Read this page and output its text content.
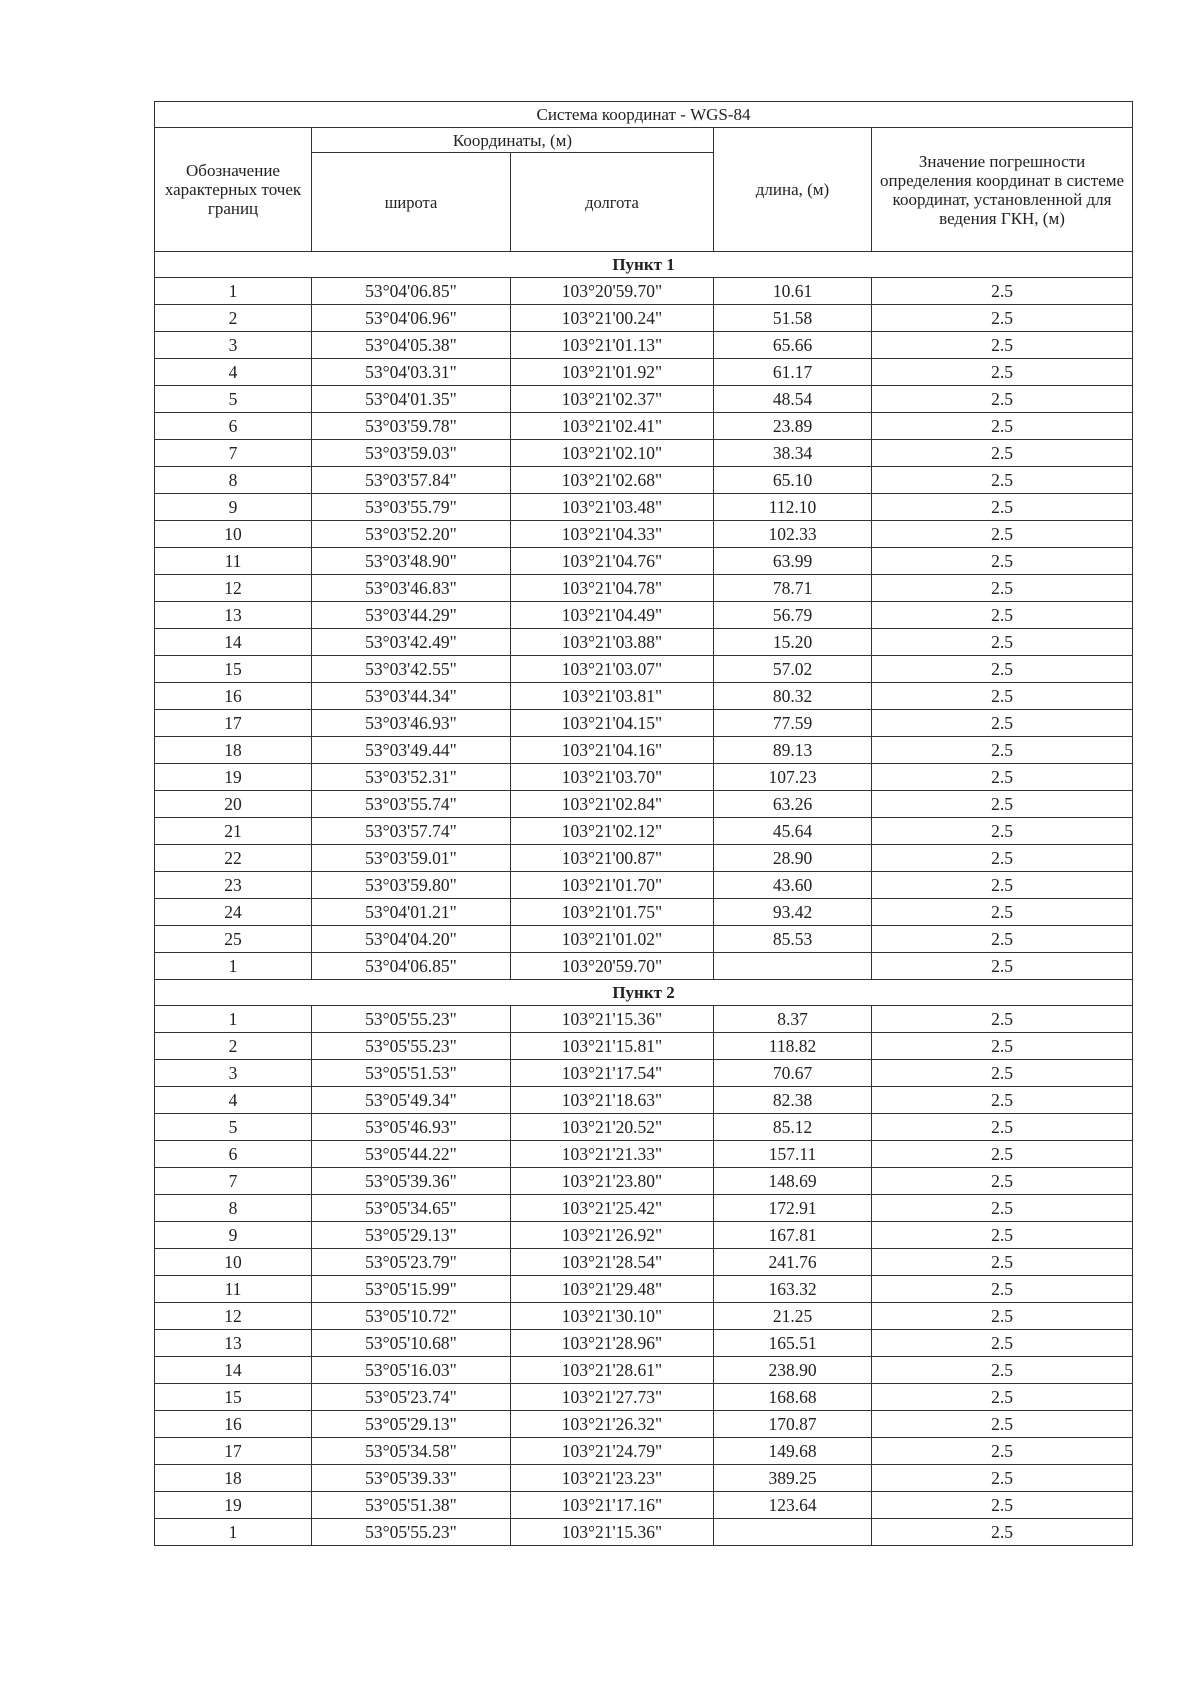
Система координат - WGS-84				
Обозначение характерных точек границ	Координаты, (м)		длина, (м)	Значение погрешности определения координат в системе координат, установленной для ведения ГКН, (м)
	широта	долгота		
Пункт 1				
1	53°04'06.85"	103°20'59.70"	10.61	2.5
2	53°04'06.96"	103°21'00.24"	51.58	2.5
3	53°04'05.38"	103°21'01.13"	65.66	2.5
4	53°04'03.31"	103°21'01.92"	61.17	2.5
5	53°04'01.35"	103°21'02.37"	48.54	2.5
6	53°03'59.78"	103°21'02.41"	23.89	2.5
7	53°03'59.03"	103°21'02.10"	38.34	2.5
8	53°03'57.84"	103°21'02.68"	65.10	2.5
9	53°03'55.79"	103°21'03.48"	112.10	2.5
10	53°03'52.20"	103°21'04.33"	102.33	2.5
11	53°03'48.90"	103°21'04.76"	63.99	2.5
12	53°03'46.83"	103°21'04.78"	78.71	2.5
13	53°03'44.29"	103°21'04.49"	56.79	2.5
14	53°03'42.49"	103°21'03.88"	15.20	2.5
15	53°03'42.55"	103°21'03.07"	57.02	2.5
16	53°03'44.34"	103°21'03.81"	80.32	2.5
17	53°03'46.93"	103°21'04.15"	77.59	2.5
18	53°03'49.44"	103°21'04.16"	89.13	2.5
19	53°03'52.31"	103°21'03.70"	107.23	2.5
20	53°03'55.74"	103°21'02.84"	63.26	2.5
21	53°03'57.74"	103°21'02.12"	45.64	2.5
22	53°03'59.01"	103°21'00.87"	28.90	2.5
23	53°03'59.80"	103°21'01.70"	43.60	2.5
24	53°04'01.21"	103°21'01.75"	93.42	2.5
25	53°04'04.20"	103°21'01.02"	85.53	2.5
1	53°04'06.85"	103°20'59.70"		2.5
Пункт 2				
1	53°05'55.23"	103°21'15.36"	8.37	2.5
2	53°05'55.23"	103°21'15.81"	118.82	2.5
3	53°05'51.53"	103°21'17.54"	70.67	2.5
4	53°05'49.34"	103°21'18.63"	82.38	2.5
5	53°05'46.93"	103°21'20.52"	85.12	2.5
6	53°05'44.22"	103°21'21.33"	157.11	2.5
7	53°05'39.36"	103°21'23.80"	148.69	2.5
8	53°05'34.65"	103°21'25.42"	172.91	2.5
9	53°05'29.13"	103°21'26.92"	167.81	2.5
10	53°05'23.79"	103°21'28.54"	241.76	2.5
11	53°05'15.99"	103°21'29.48"	163.32	2.5
12	53°05'10.72"	103°21'30.10"	21.25	2.5
13	53°05'10.68"	103°21'28.96"	165.51	2.5
14	53°05'16.03"	103°21'28.61"	238.90	2.5
15	53°05'23.74"	103°21'27.73"	168.68	2.5
16	53°05'29.13"	103°21'26.32"	170.87	2.5
17	53°05'34.58"	103°21'24.79"	149.68	2.5
18	53°05'39.33"	103°21'23.23"	389.25	2.5
19	53°05'51.38"	103°21'17.16"	123.64	2.5
1	53°05'55.23"	103°21'15.36"		2.5
